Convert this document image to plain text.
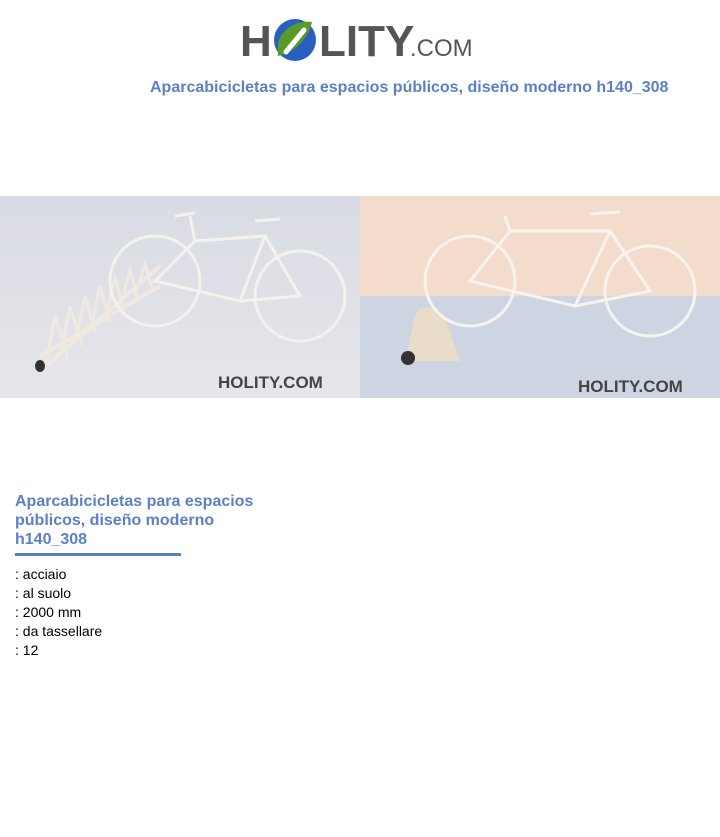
H LITY
.COM
Aparcabicicletas para espacios públicos, diseño moderno h140_308
HOLITY.COM	HOLITY.COM
Aparcabicicletas para espacios públicos, diseño moderno h140_308
: acciaio
: al suolo
: 2000 mm
: da tassellare
: 12
